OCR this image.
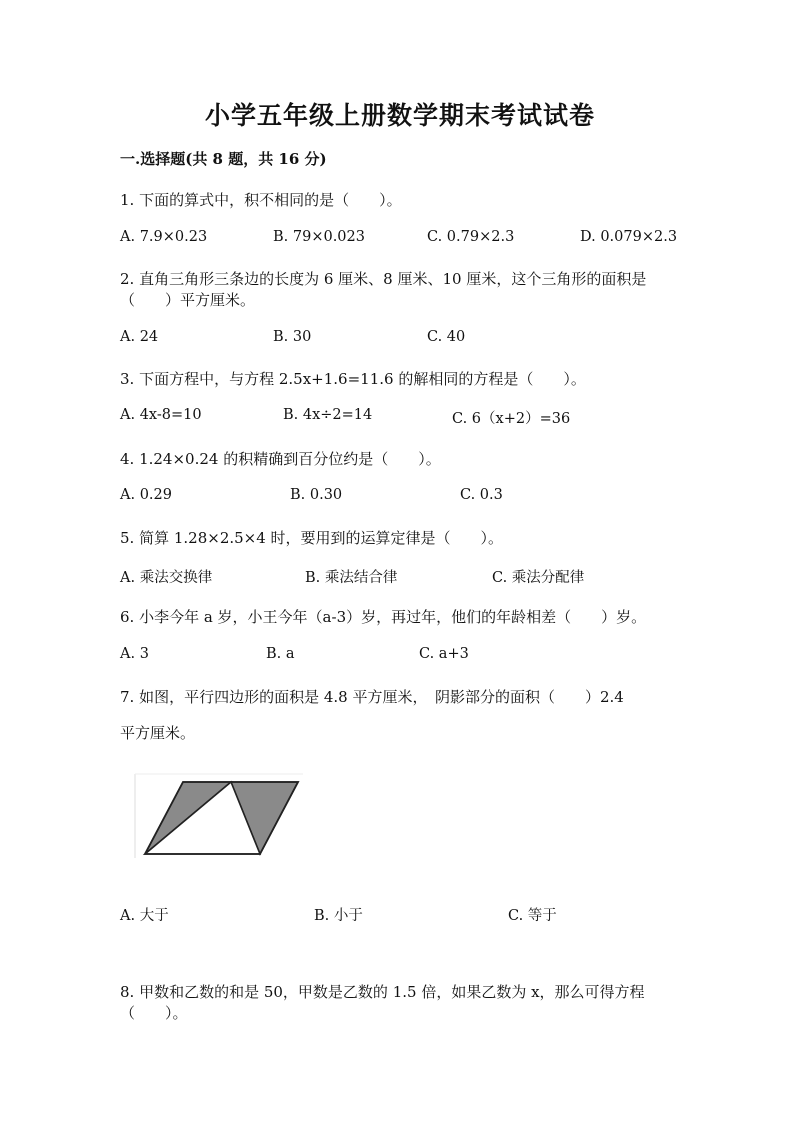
小学五年级上册数学期末考试试卷
一.选择题(共 8 题，共 16 分)
1. 下面的算式中，积不相同的是（　　）。
A. 7.9×0.23	B. 79×0.023	C. 0.79×2.3	D. 0.079×2.3
2. 直角三角形三条边的长度为 6 厘米、8 厘米、10 厘米，这个三角形的面积是
（　　）平方厘米。
A. 24	B. 30	C. 40
3. 下面方程中，与方程 2.5x+1.6=11.6 的解相同的方程是（　　）。
A. 4x-8=10	B. 4x÷2=14	C. 6（x+2）=36
4. 1.24×0.24 的积精确到百分位约是（　　）。
A. 0.29	B. 0.30	C. 0.3
5. 简算 1.28×2.5×4 时，要用到的运算定律是（　　）。
A. 乘法交换律	B. 乘法结合律	C. 乘法分配律
6. 小李今年 a 岁，小王今年（a-3）岁，再过年，他们的年龄相差（　　）岁。
A. 3	B. a	C. a+3
7. 如图，平行四边形的面积是 4.8 平方厘米，　阴影部分的面积（　　）2.4
平方厘米。
A. 大于	B. 小于	C. 等于
8. 甲数和乙数的和是 50，甲数是乙数的 1.5 倍，如果乙数为 x，那么可得方程
（　　）。
